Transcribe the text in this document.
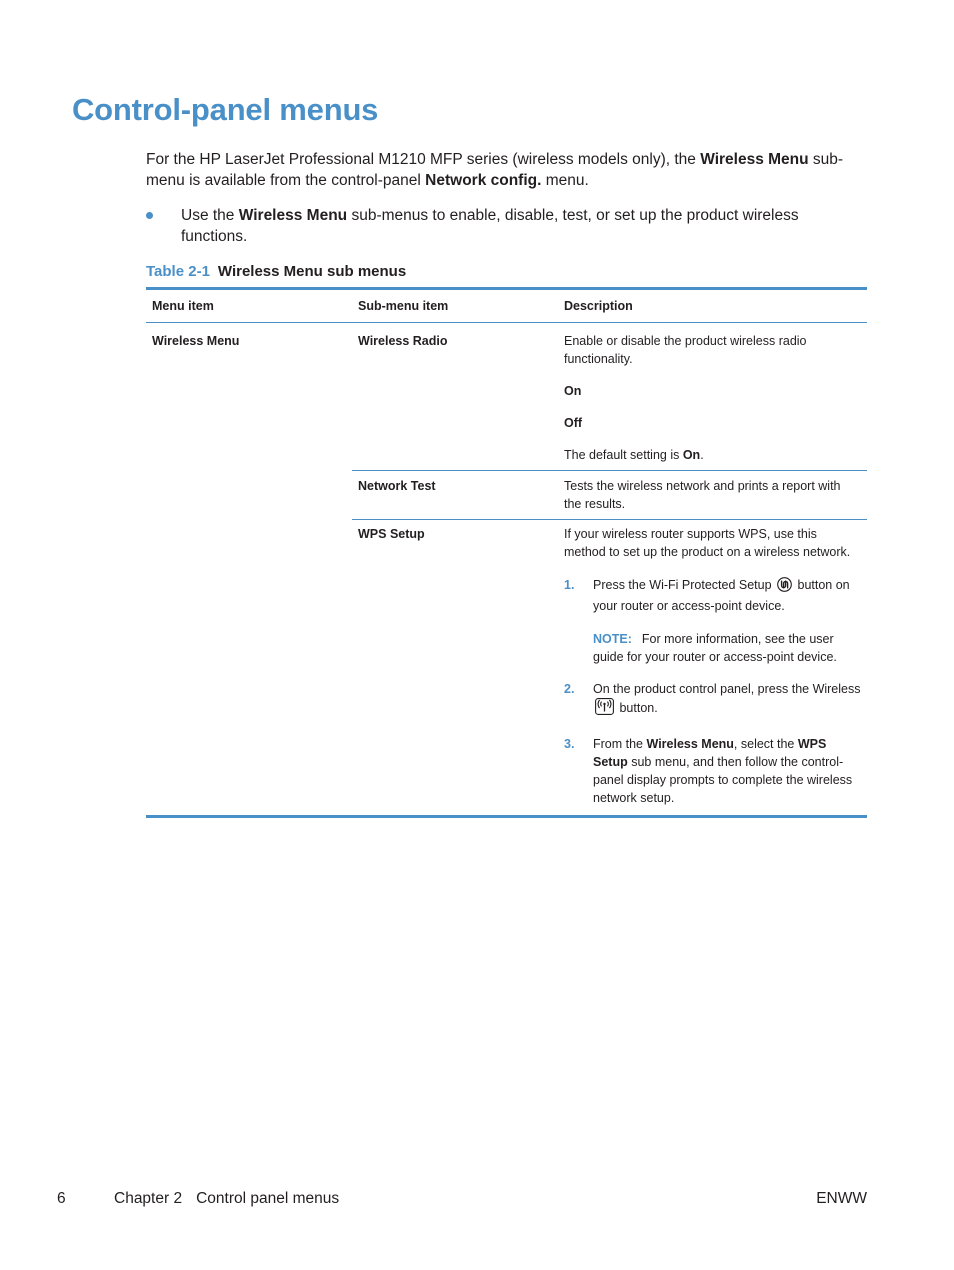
Control-panel menus

For the HP LaserJet Professional M1210 MFP series (wireless models only), the Wireless Menu sub-menu is available from the control-panel Network config. menu.

Use the Wireless Menu sub-menus to enable, disable, test, or set up the product wireless functions.

Table 2-1 Wireless Menu sub menus

Menu item	Sub-menu item	Description
Wireless Menu	Wireless Radio	Enable or disable the product wireless radio functionality.

On

Off

The default setting is On.

Network Test	Tests the wireless network and prints a report with the results.

WPS Setup	If your wireless router supports WPS, use this method to set up the product on a wireless network.

1.	Press the Wi-Fi Protected Setup  button on your router or access-point device.

NOTE: For more information, see the user guide for your router or access-point device.

2.	On the product control panel, press the Wireless  button.
3.	From the Wireless Menu, select the WPS Setup sub menu, and then follow the control-panel display prompts to complete the wireless network setup.
6	Chapter 2 Control panel menus	ENWW
